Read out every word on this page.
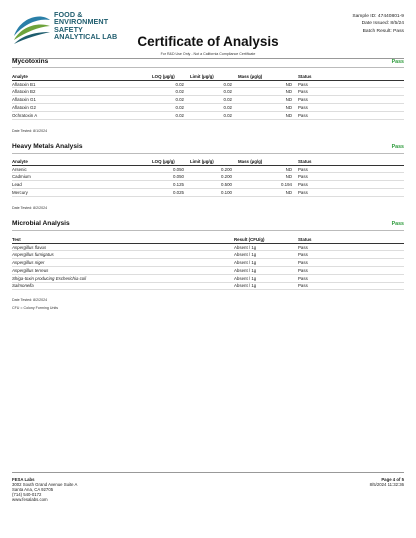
FOOD &
ENVIRONMENT
SAFETY
ANALYTICAL LAB	Certificate of Analysis
For R&D Use Only - Not a California Compliance Certificate
Sample ID: 47440801-9
Date Issued: 8/5/24
Batch Result: Pass
Mycotoxins	Pass
Analyte	LOQ (µg/g)	Limit (µg/g)	Mass (µg/g)	Status
Aflatoxin B1	0.02	0.02	ND	Pass
Aflatoxin B2	0.02	0.02	ND	Pass
Aflatoxin G1	0.02	0.02	ND	Pass
Aflatoxin G2	0.02	0.02	ND	Pass
Ochratoxin A	0.02	0.02	ND	Pass
Date Tested: 8/1/2024
Heavy Metals Analysis	Pass
Analyte	LOQ (µg/g)	Limit (µg/g)	Mass (µg/g)	Status
Arsenic	0.050	0.200	ND	Pass
Cadmium	0.050	0.200	ND	Pass
Lead	0.125	0.500	0.194	Pass
Mercury	0.025	0.100	ND	Pass
Date Tested: 8/2/2024
Microbial Analysis	Pass
Test	Result (CFU/g)	Status
Aspergillus flavus	Absent / 1g	Pass
Aspergillus fumigatus	Absent / 1g	Pass
Aspergillus niger	Absent / 1g	Pass
Aspergillus terreus	Absent / 1g	Pass
Shiga-toxin producing Escherichia coli	Absent / 1g	Pass
Salmonella	Absent / 1g	Pass
Date Tested: 8/2/2024
CFU = Colony Forming Units
FESA Labs
3002 South Grand Avenue Suite A
Santa Ana, CA 92705
(714) 540-0172
www.fesalabs.com
Page 4 of 5
8/5/2024 11:32:36
